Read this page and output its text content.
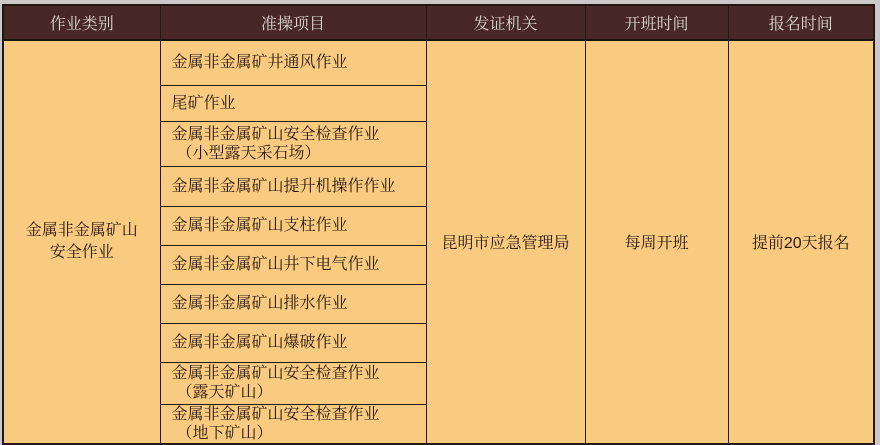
作业类别	准操项目	发证机关	开班时间	报名时间

金属非金属矿山
安全作业	金属非金属矿井通风作业	昆明市应急管理局	每周开班	提前20天报名

	尾矿作业			

	金属非金属矿山安全检查作业
（小型露天采石场）			

	金属非金属矿山提升机操作作业			

	金属非金属矿山支柱作业			

	金属非金属矿山井下电气作业			

	金属非金属矿山排水作业			

	金属非金属矿山爆破作业			

	金属非金属矿山安全检查作业
（露天矿山）			

	金属非金属矿山安全检查作业
（地下矿山）			
